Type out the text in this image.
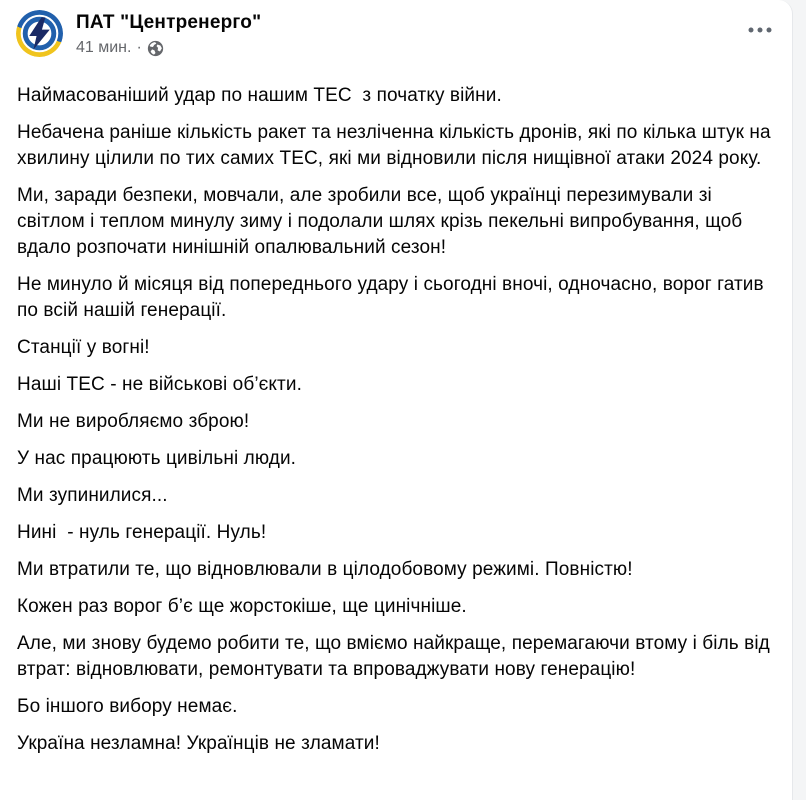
ПАТ "Центренерго"
41 мин. ·

Наймасованіший удар по нашим ТЕС  з початку війни.

Небачена раніше кількість ракет та незліченна кількість дронів, які по кілька штук на хвилину цілили по тих самих ТЕС, які ми відновили після нищівної атаки 2024 року.

Ми, заради безпеки, мовчали, але зробили все, щоб українці перезимували зі світлом і теплом минулу зиму і подолали шлях крізь пекельні випробування, щоб вдало розпочати нинішній опалювальний сезон!

Не минуло й місяця від попереднього удару і сьогодні вночі, одночасно, ворог гатив по всій нашій генерації.

Станції у вогні!

Наші ТЕС - не військові об’єкти.

Ми не виробляємо зброю!

У нас працюють цивільні люди.

Ми зупинилися...

Нині  - нуль генерації. Нуль!

Ми втратили те, що відновлювали в цілодобовому режимі. Повністю!

Кожен раз ворог б’є ще жорстокіше, ще цинічніше.

Але, ми знову будемо робити те, що вміємо найкраще, перемагаючи втому і біль від втрат: відновлювати, ремонтувати та впроваджувати нову генерацію!

Бо іншого вибору немає.

Україна незламна! Українців не зламати!
